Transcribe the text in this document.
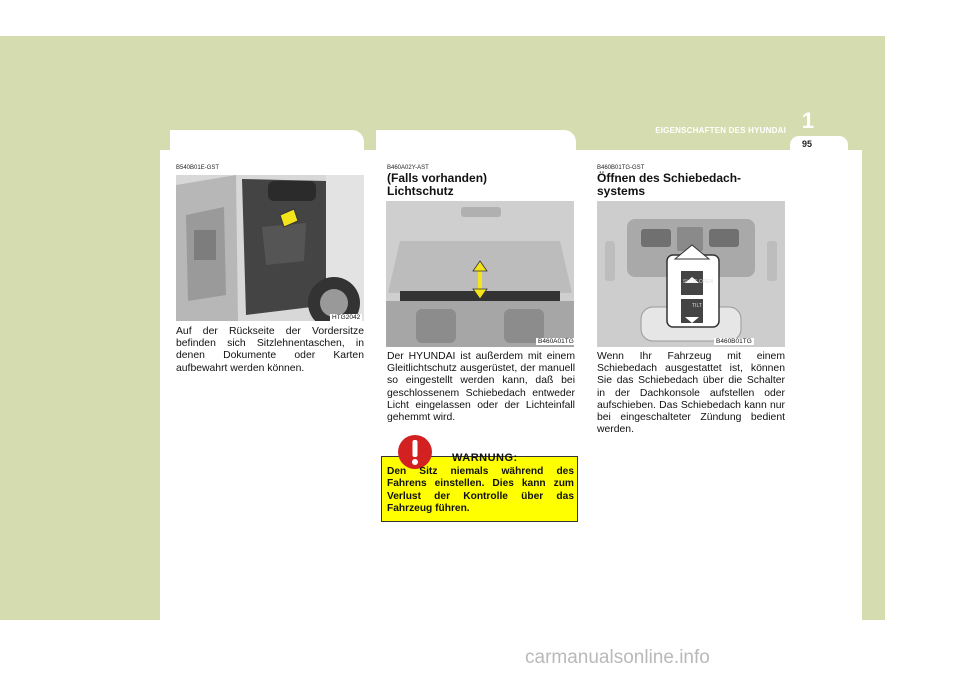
SITZTASCHE	SCHIEBEDACH
1
EIGENSCHAFTEN DES HYUNDAI
95
B540B01E-GST
HTG2042
Auf der Rückseite der Vordersitze befinden sich Sitzlehnentaschen, in denen Dokumente oder Karten aufbewahrt werden können.
B460A02Y-AST
(Falls vorhanden) Lichtschutz
B460A01TG
Der HYUNDAI ist außerdem mit einem Gleitlichtschutz ausgerüstet, der manuell so eingestellt werden kann, daß bei geschlossenem Schiebedach entweder Licht eingelassen oder der Lichteinfall gehemmt wird.
WARNUNG:
Den Sitz niemals während des Fahrens einstellen. Dies kann zum Verlust der Kontrolle über das Fahrzeug führen.
B460B01TG-GST
Öffnen des Schiebedach-systems
B460B01TG
SLIDE OPEN
TILT
Wenn Ihr Fahrzeug mit einem Schiebedach ausgestattet ist, können Sie das Schiebedach über die Schalter in der Dachkonsole aufstellen oder aufschieben. Das Schiebedach kann nur bei eingeschalteter Zündung bedient werden.
carmanualsonline.info
